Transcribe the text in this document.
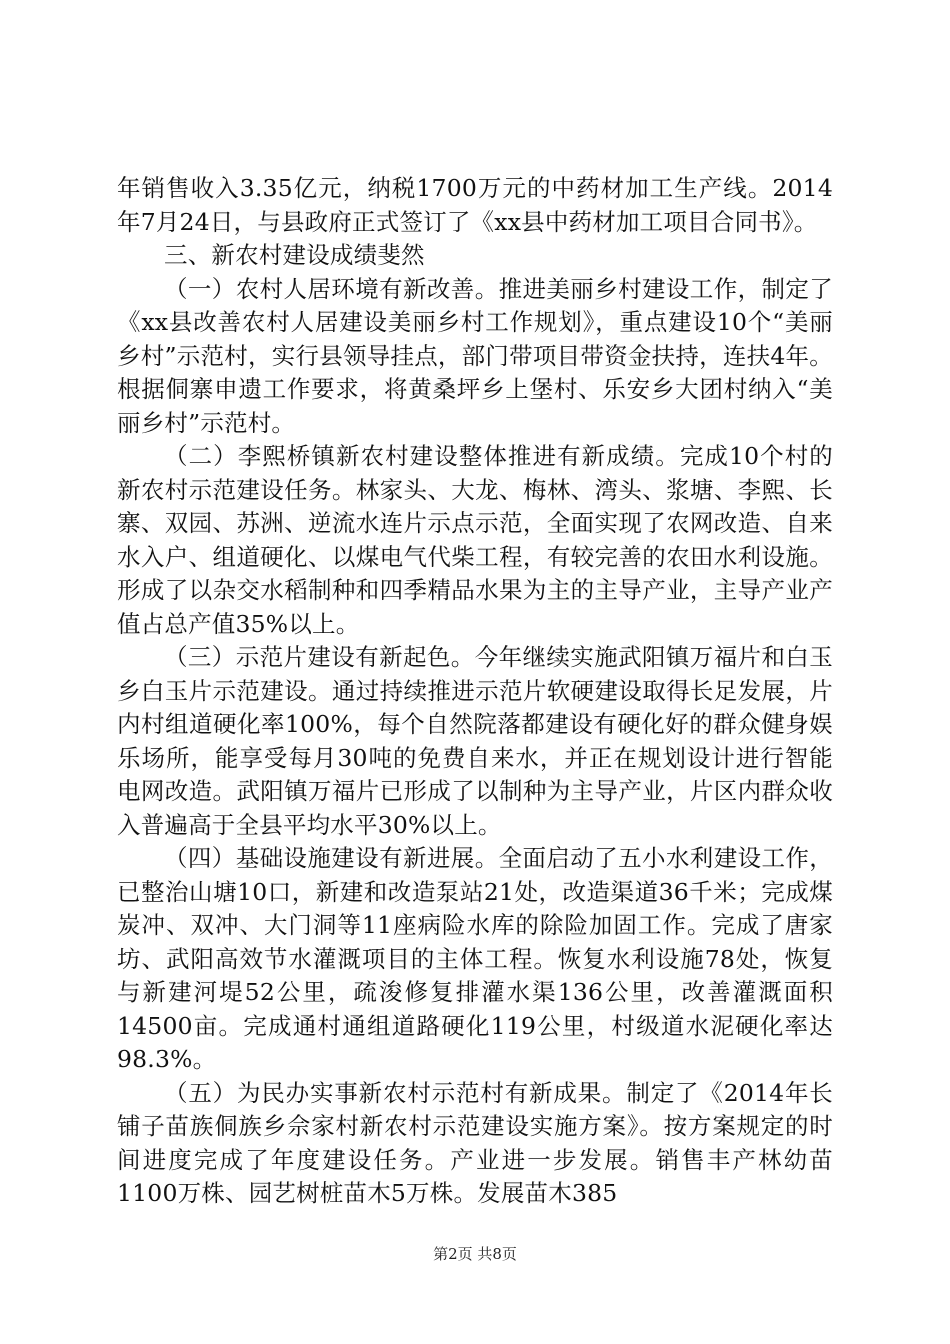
年销售收入3.35亿元，纳税1700万元的中药材加工生产线。2014年7月24日，与县政府正式签订了《xx县中药材加工项目合同书》。

三、新农村建设成绩斐然

（一）农村人居环境有新改善。推进美丽乡村建设工作，制定了《xx县改善农村人居建设美丽乡村工作规划》，重点建设10个“美丽乡村”示范村，实行县领导挂点，部门带项目带资金扶持，连扶4年。根据侗寨申遗工作要求，将黄桑坪乡上堡村、乐安乡大团村纳入“美丽乡村”示范村。

（二）李熙桥镇新农村建设整体推进有新成绩。完成10个村的新农村示范建设任务。林家头、大龙、梅林、湾头、浆塘、李熙、长寨、双园、苏洲、逆流水连片示点示范，全面实现了农网改造、自来水入户、组道硬化、以煤电气代柴工程，有较完善的农田水利设施。形成了以杂交水稻制种和四季精品水果为主的主导产业，主导产业产值占总产值35%以上。

（三）示范片建设有新起色。今年继续实施武阳镇万福片和白玉乡白玉片示范建设。通过持续推进示范片软硬建设取得长足发展，片内村组道硬化率100%，每个自然院落都建设有硬化好的群众健身娱乐场所，能享受每月30吨的免费自来水，并正在规划设计进行智能电网改造。武阳镇万福片已形成了以制种为主导产业，片区内群众收入普遍高于全县平均水平30%以上。

（四）基础设施建设有新进展。全面启动了五小水利建设工作，已整治山塘10口，新建和改造泵站21处，改造渠道36千米；完成煤炭冲、双冲、大门洞等11座病险水库的除险加固工作。完成了唐家坊、武阳高效节水灌溉项目的主体工程。恢复水利设施78处，恢复与新建河堤52公里，疏浚修复排灌水渠136公里，改善灌溉面积14500亩。完成通村通组道路硬化119公里，村级道水泥硬化率达98.3%。

（五）为民办实事新农村示范村有新成果。制定了《2014年长铺子苗族侗族乡佘家村新农村示范建设实施方案》。按方案规定的时间进度完成了年度建设任务。产业进一步发展。销售丰产林幼苗1100万株、园艺树桩苗木5万株。发展苗木385

第2页 共8页
